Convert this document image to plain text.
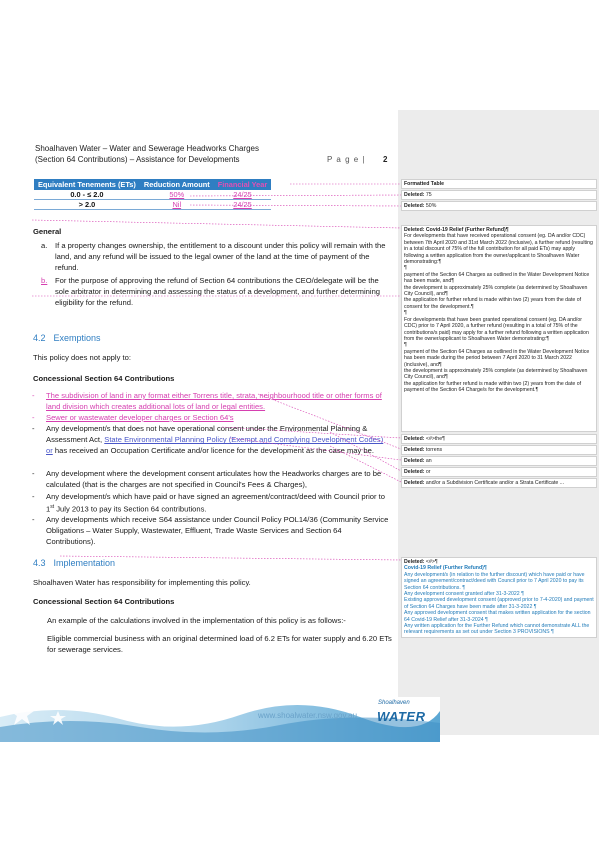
Shoalhaven Water – Water and Sewerage Headworks Charges
(Section 64 Contributions) – Assistance for Developments	P a g e | 2
Equivalent Tenements (ETs)	Reduction Amount	Financial Year
0.0 - ≤ 2.0	50%	24/25
> 2.0	Nil	24/25
General
a. If a property changes ownership, the entitlement to a discount under this policy will remain with the land, and any refund will be issued to the legal owner of the land at the time of payment of the refund.
b. For the purpose of approving the refund of Section 64 contributions the CEO/delegate will be the sole arbitrator in determining and assessing the status of a development, and further determining eligibility for the refund.
4.2 Exemptions
This policy does not apply to:
Concessional Section 64 Contributions
- The subdivision of land in any format either Torrens title, strata, neighbourhood title or other forms of land division which creates additional lots of land or legal entities.
- Sewer or wastewater developer charges or Section 64's
- Any development/s that does not have operational consent under the Environmental Planning & Assessment Act, State Environmental Planning Policy (Exempt and Complying Development Codes) or has received an Occupation Certificate and/or licence for the development as the case may be.
- Any development where the development consent articulates how the Headworks charges are to be calculated (that is the charges are not specified in Council's Fees & Charges),
- Any development/s which have paid or have signed an agreement/contract/deed with Council prior to 1st July 2013 to pay its Section 64 contributions.
- Any developments which receive S64 assistance under Council Policy POL14/36 (Community Service Obligations – Water Supply, Wastewater, Effluent, Trade Waste Services and Section 64 Contributions).
4.3 Implementation
Shoalhaven Water has responsibility for implementing this policy.
Concessional Section 64 Contributions
An example of the calculations involved in the implementation of this policy is as follows:-
Eligible commercial business with an original determined load of 6.2 ETs for water supply and 6.20 ETs for sewerage services.
Formatted Table
Deleted: 75
Deleted: 50%
Deleted: Covid-19 Relief (Further Refund)¶
For developments that have received operational consent (eg. DA and/or CDC) between 7th April 2020 and 31st March 2022 (inclusive), a further refund (resulting in a total discount of 75% of the full contribution for all paid ETs) may apply following a written application from the owner/applicant to Shoalhaven Water demonstrating:¶
¶
payment of the Section 64 Charges as outlined in the Water Development Notice has been made, and¶
the development is approximately 25% complete (as determined by Shoalhaven City Council), and¶
the application for further refund is made within two (2) years from the date of consent for the development.¶
¶
For developments that have been granted operational consent (eg. DA and/or CDC) prior to 7 April 2020, a further refund (resulting in a total of 75% of the contributions/s paid) may apply for a further refund following a written application from the owner/applicant to Shoalhaven Water demonstrating:¶
¶
payment of the Section 64 Charges as outlined in the Water Development Notice has been made during the period between 7 April 2020 to 31 March 2022 (inclusive), and¶
the development is approximately 25% complete (as determined by Shoalhaven City Council), and¶
the application for further refund is made within two (2) years from the date of payment of the Section 64 Charge/s for the development.¶
Deleted: <#>the¶
Deleted: torrens
Deleted: an
Deleted: or
Deleted: and/or a Subdivision Certificate and/or a Strata Certificate ...
Deleted: <#>¶
Covid-19 Relief (Further Refund)¶
Any development/s (in relation to the further discount) which have paid or have signed an agreement/contract/deed with Council prior to 7 April 2020 to pay its Section 64 contributions. ¶
Any development consent granted after 31-3-2022 ¶
Existing approved development consent (approved prior to 7-4-2020) and payment of Section 64 Charges have been made after 31-3-2022 ¶
Any approved development consent that makes written application for the section 64 Covid-19 Relief after 31-3-2024 ¶
Any written application for the Further Refund which cannot demonstrate ALL the relevant requirements as set out under Section 3 PROVISIONS ¶
www.shoalwater.nsw.gov.au
Shoalhaven
WATER
